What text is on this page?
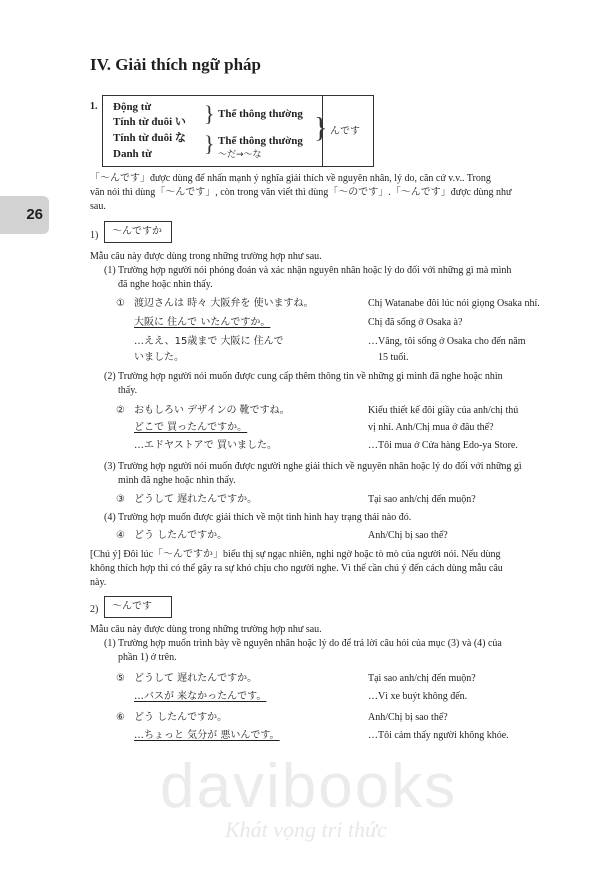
davibooks
Khát vọng tri thức
IV. Giải thích ngữ pháp
26
1. Động từ
Tính từ đuôi い
Tính từ đuôi な
Danh từ
}
}
Thể thông thường
Thể thông thường
～だ→～な
} んです
「～んです」được dùng để nhấn mạnh ý nghĩa giải thích về nguyên nhân, lý do, căn cứ v.v.. Trong
văn nói thì dùng「～んです」, còn trong văn viết thì dùng「～のです」.「～んです」được dùng như
sau.
1) ～んですか
Mẫu câu này được dùng trong những trường hợp như sau.
(1) Trường hợp người nói phỏng đoán và xác nhận nguyên nhân hoặc lý do đối với những gì mà mình
đã nghe hoặc nhìn thấy.
① 渡辺さんは 時々 大阪弁を 使いますね。	Chị Watanabe đôi lúc nói giọng Osaka nhỉ.
大阪に 住んで いたんですか。	Chị đã sống ở Osaka à?
…ええ、15歳まで 大阪に 住んで	…Vâng, tôi sống ở Osaka cho đến năm
いました。	15 tuổi.
(2) Trường hợp người nói muốn được cung cấp thêm thông tin về những gì mình đã nghe hoặc nhìn
thấy.
② おもしろい デザインの 靴ですね。	Kiểu thiết kế đôi giầy của anh/chị thú
どこで 買ったんですか。	vị nhỉ. Anh/Chị mua ở đâu thế?
…エドヤストアで 買いました。	…Tôi mua ở Cửa hàng Edo-ya Store.
(3) Trường hợp người nói muốn được người nghe giải thích về nguyên nhân hoặc lý do đối với những gì
mình đã nghe hoặc nhìn thấy.
③ どうして 遅れたんですか。	Tại sao anh/chị đến muộn?
(4) Trường hợp muốn được giải thích về một tình hình hay trạng thái nào đó.
④ どう したんですか。	Anh/Chị bị sao thế?
[Chú ý] Đôi lúc「～んですか」biểu thị sự ngạc nhiên, nghi ngờ hoặc tò mò của người nói. Nếu dùng
không thích hợp thì có thể gây ra sự khó chịu cho người nghe. Vì thế cần chú ý đến cách dùng mẫu câu
này.
2) ～んです
Mẫu câu này được dùng trong những trường hợp như sau.
(1) Trường hợp muốn trình bày về nguyên nhân hoặc lý do để trả lời câu hỏi của mục (3) và (4) của
phần 1) ở trên.
⑤ どうして 遅れたんですか。	Tại sao anh/chị đến muộn?
…バスが 来なかったんです。	…Vì xe buýt không đến.
⑥ どう したんですか。	Anh/Chị bị sao thế?
…ちょっと 気分が 悪いんです。	…Tôi cảm thấy người không khỏe.
